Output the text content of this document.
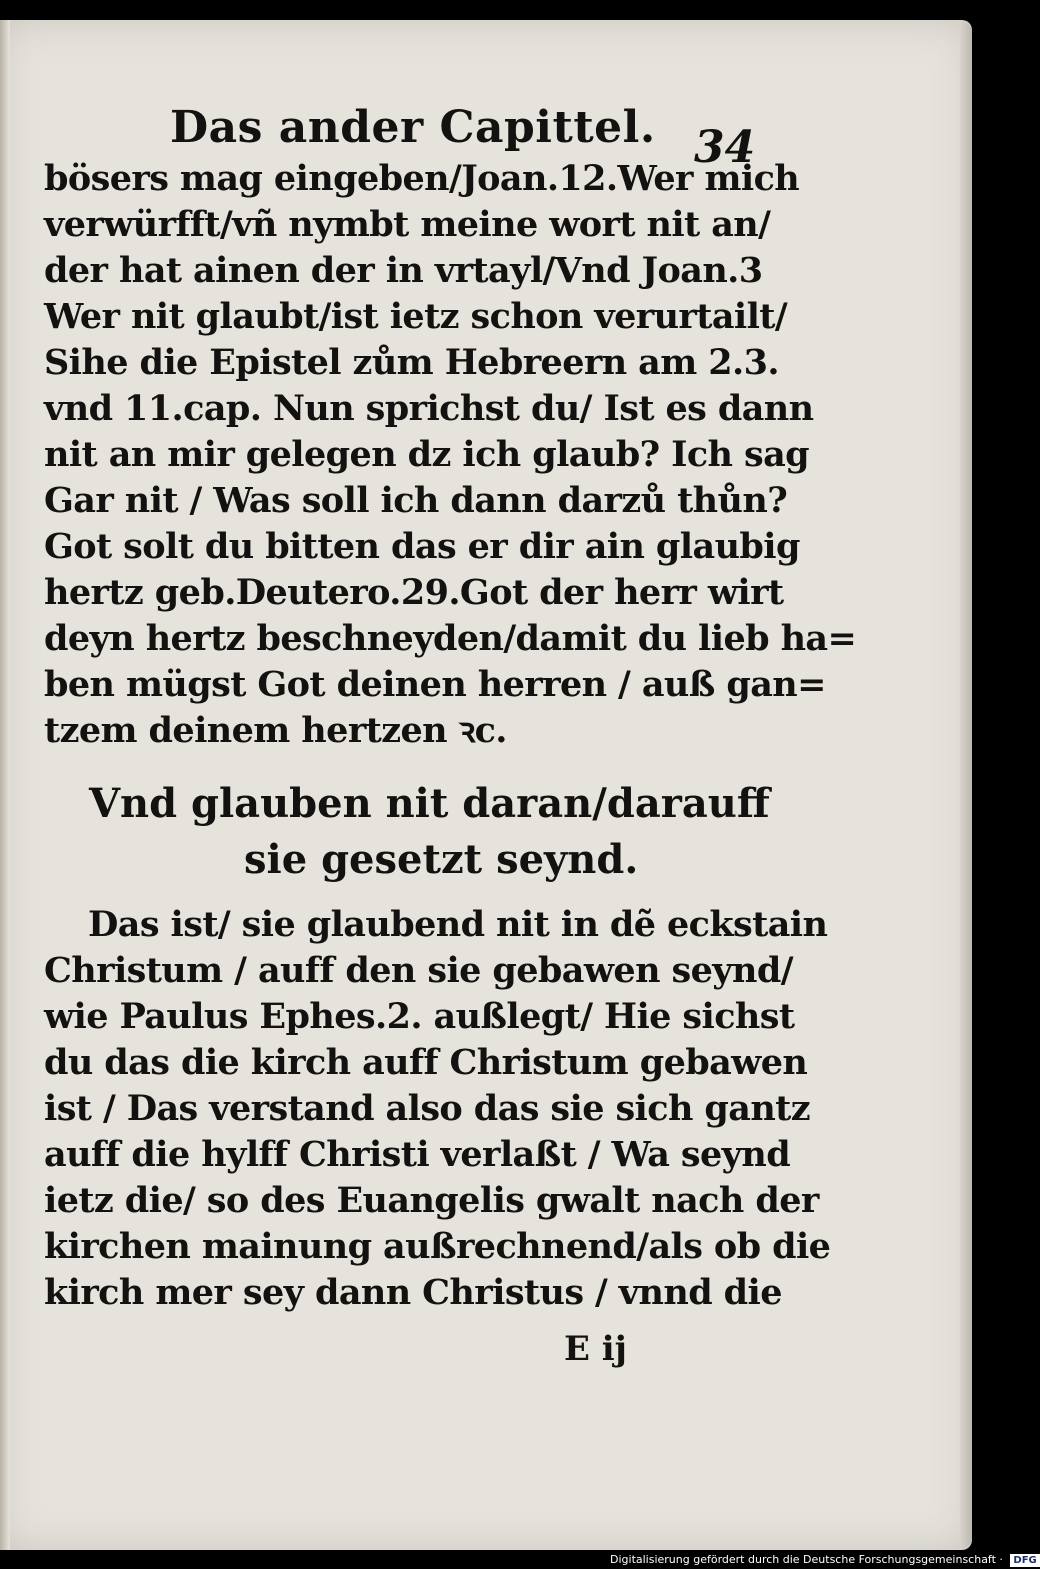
Das ander Capittel. 34
bösers mag eingeben/Joan.12.Wer mich
verwürfft/vñ nymbt meine wort nit an/
der hat ainen der in vrtayl/Vnd Joan.3
Wer nit glaubt/ist ietz schon verurtailt/
Sihe die Epistel zům Hebreern am 2.3.
vnd 11.cap. Nun sprichst du/ Ist es dann
nit an mir gelegen dz ich glaub? Ich sag
Gar nit / Was soll ich dann darzů thůn?
Got solt du bitten das er dir ain glaubig
hertz geb.Deutero.29.Got der herr wirt
deyn hertz beschneyden/damit du lieb ha=
ben mügst Got deinen herren / auß gan=
tzem deinem hertzen ꝛc.
Vnd glauben nit daran/darauff
sie gesetzt seynd.
Das ist/ sie glaubend nit in dẽ eckstain
Christum / auff den sie gebawen seynd/
wie Paulus Ephes.2. außlegt/ Hie sichst
du das die kirch auff Christum gebawen
ist / Das verstand also das sie sich gantz
auff die hylff Christi verlaßt / Wa seynd
ietz die/ so des Euangelis gwalt nach der
kirchen mainung außrechnend/als ob die
kirch mer sey dann Christus / vnnd die
E ij
Digitalisierung gefördert durch die Deutsche Forschungsgemeinschaft · DFG
